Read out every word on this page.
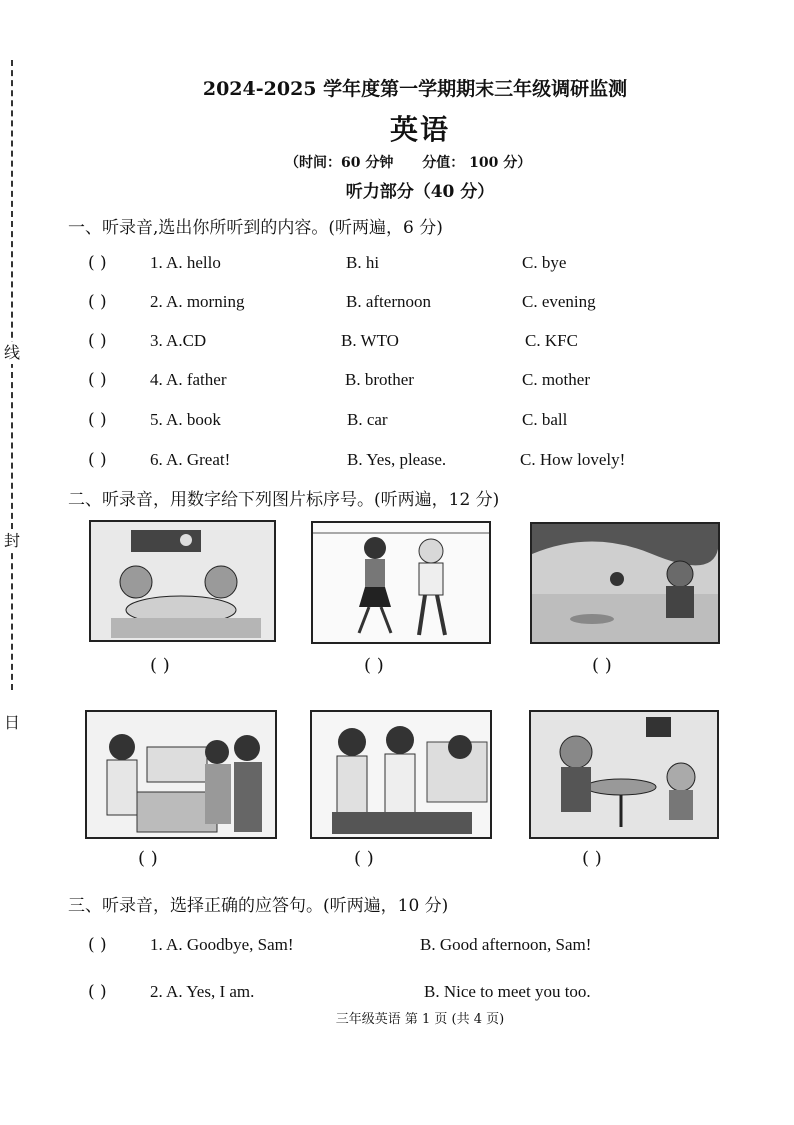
线
封
日
2024-2025 学年度第一学期期末三年级调研监测
英语
（时间：60 分钟 分值： 100 分）
听力部分（40 分）
一、听录音,选出你所听到的内容。(听两遍，6 分)
( )	1. A. hello	B. hi	C. bye
( )	2. A. morning	B. afternoon	C. evening
( )	3. A.CD	B. WTO	C. KFC
( )	4. A. father	B. brother	C. mother
( )	5. A. book	B. car	C. ball
( )	6. A. Great!	B. Yes, please.	C. How lovely!
二、听录音，用数字给下列图片标序号。(听两遍，12 分)
( )	( )	( )
( )	( )	( )
三、听录音，选择正确的应答句。(听两遍，10 分)
( )	1. A. Goodbye, Sam!	B. Good afternoon, Sam!
( )	2. A. Yes, I am.	B. Nice to meet you too.
三年级英语 第 1 页 (共 4 页)
